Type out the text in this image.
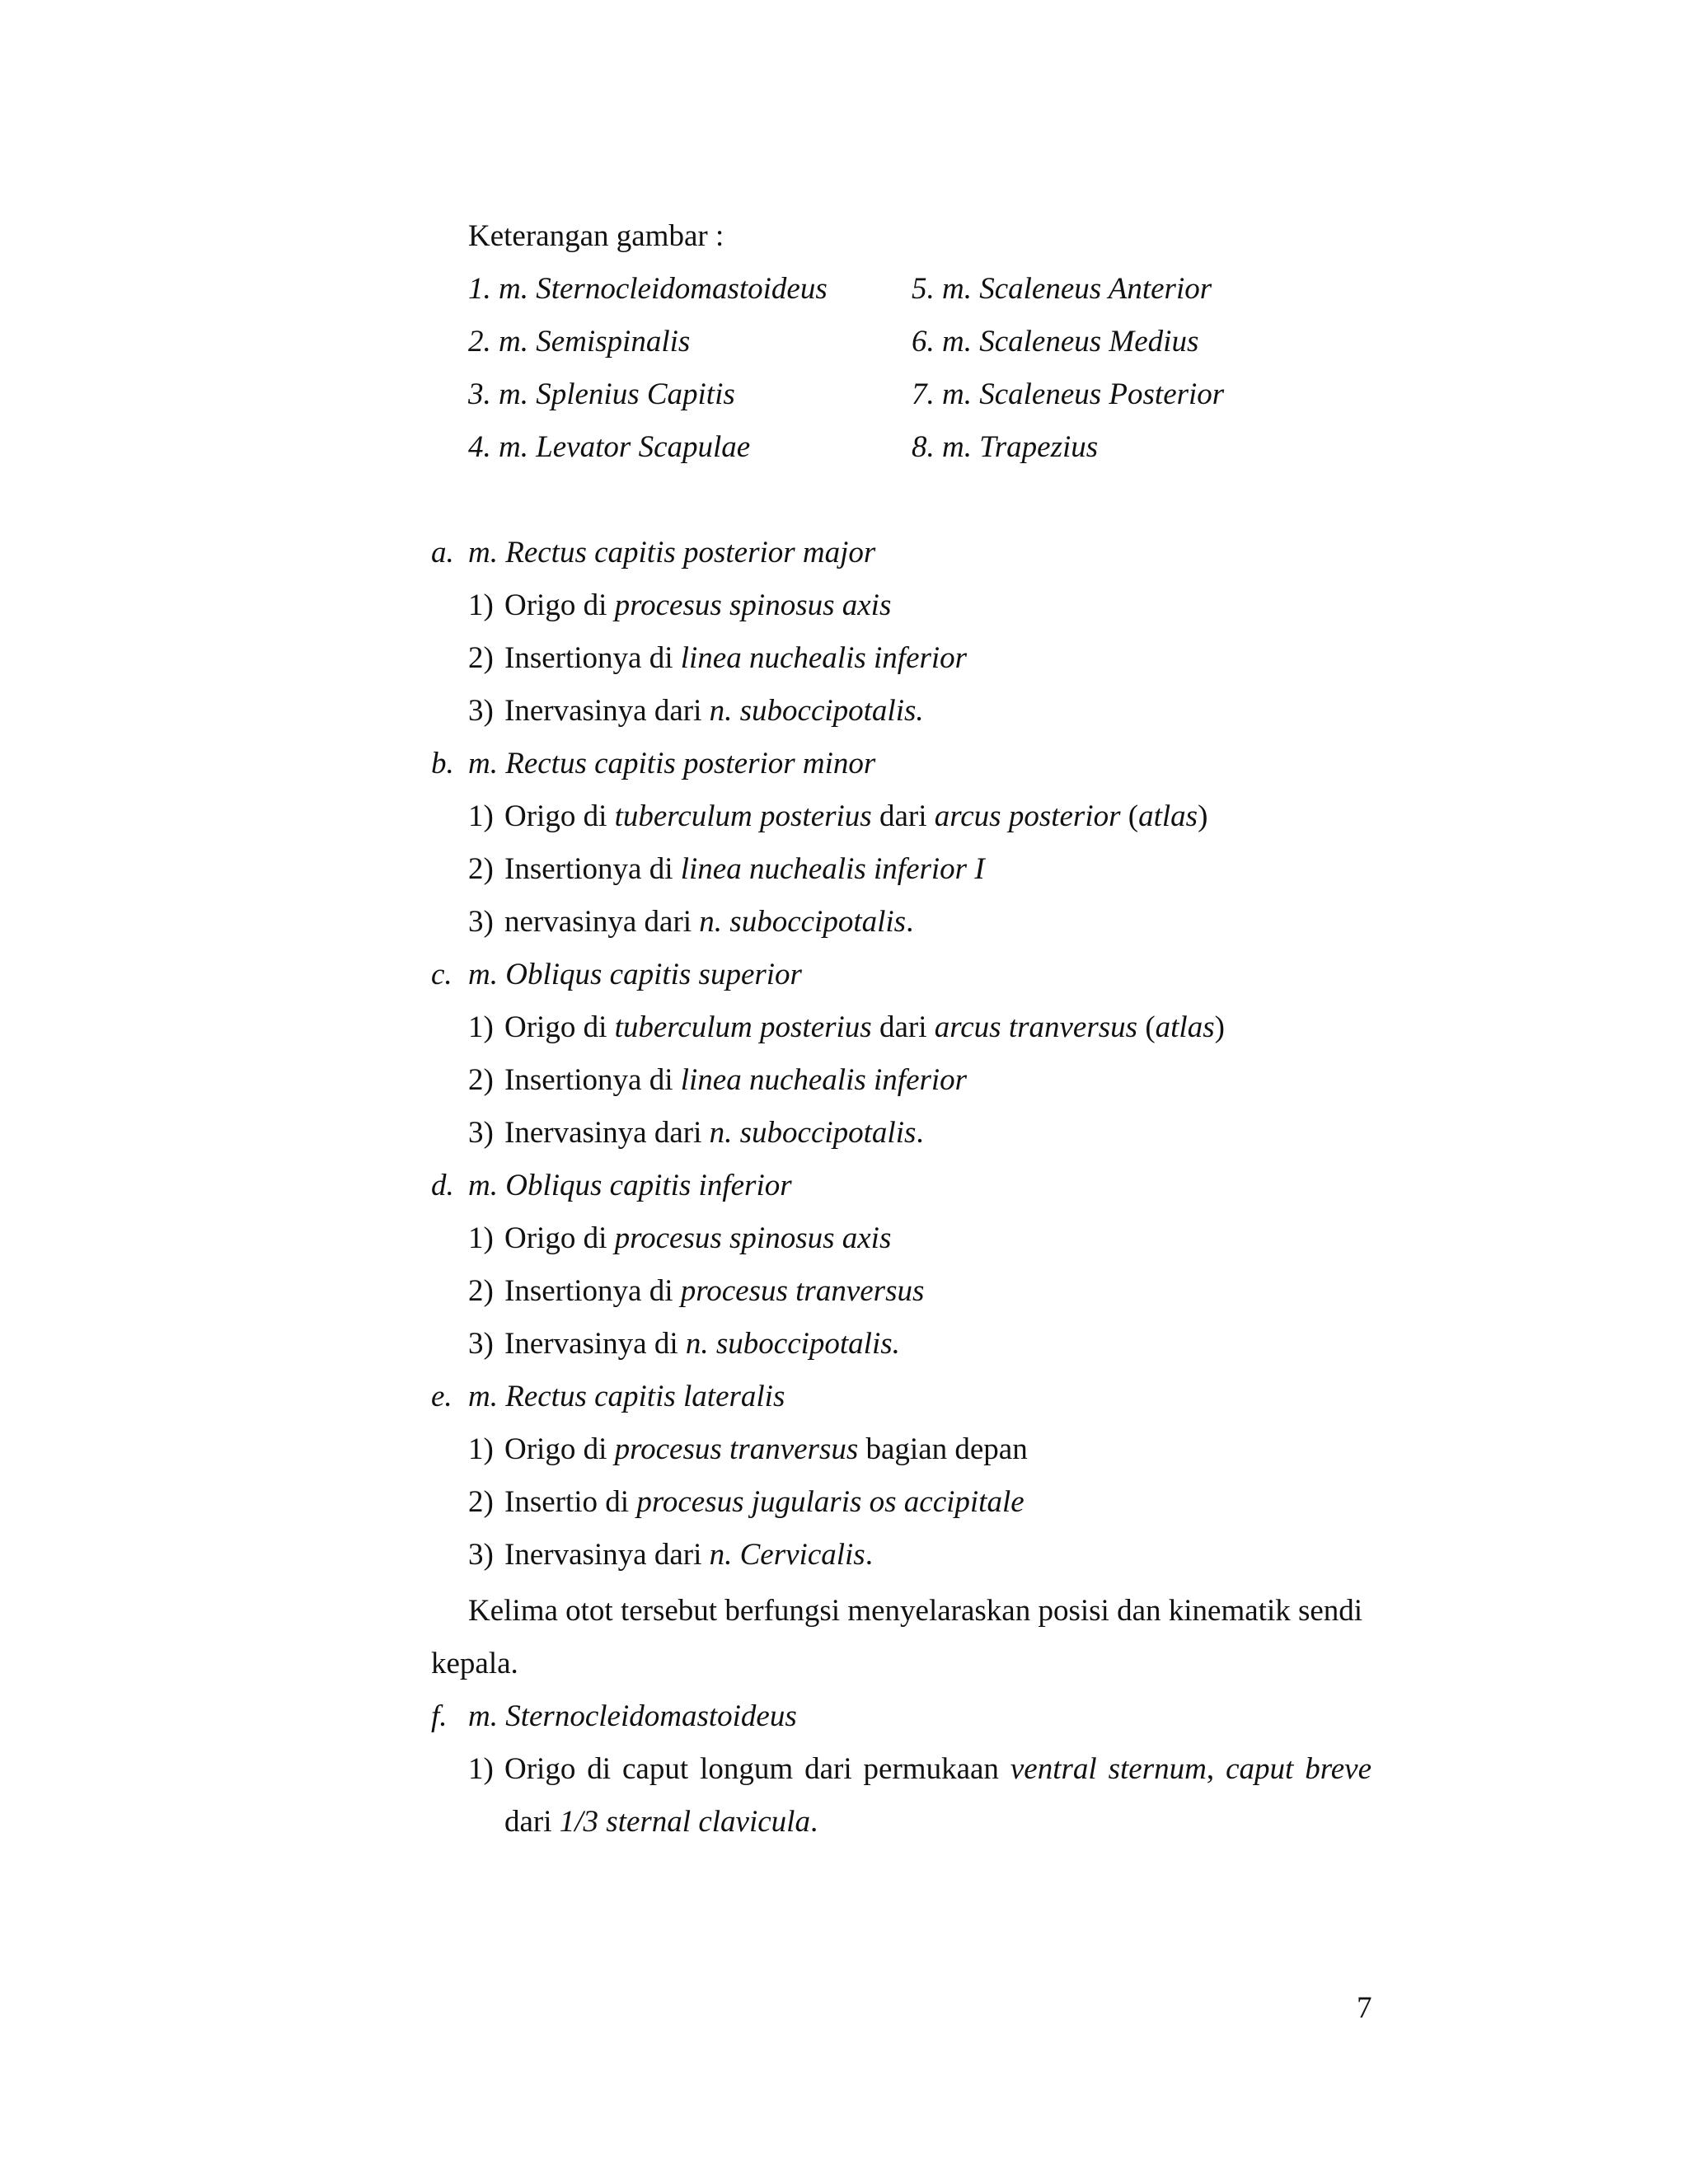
Keterangan gambar :
1. m. Sternocleidomastoideus
2. m. Semispinalis
3. m. Splenius Capitis
4. m. Levator Scapulae
5. m. Scaleneus Anterior
6. m. Scaleneus Medius
7. m. Scaleneus Posterior
8. m. Trapezius
a. m. Rectus capitis posterior major
1) Origo di procesus spinosus axis
2) Insertionya di linea nuchealis inferior
3) Inervasinya dari n. suboccipotalis.
b. m. Rectus capitis posterior minor
1) Origo di tuberculum posterius dari arcus posterior (atlas)
2) Insertionya di linea nuchealis inferior I
3) nervasinya dari n. suboccipotalis.
c. m. Obliqus capitis superior
1) Origo di tuberculum posterius dari arcus tranversus (atlas)
2) Insertionya di linea nuchealis inferior
3) Inervasinya dari n. suboccipotalis.
d. m. Obliqus capitis inferior
1) Origo di procesus spinosus axis
2) Insertionya di procesus tranversus
3) Inervasinya di n. suboccipotalis.
e. m. Rectus capitis lateralis
1) Origo di procesus tranversus bagian depan
2) Insertio di procesus jugularis os accipitale
3) Inervasinya dari n. Cervicalis.
Kelima otot tersebut berfungsi menyelaraskan posisi dan kinematik sendi
kepala.
f. m. Sternocleidomastoideus
1) Origo di caput longum dari permukaan ventral sternum, caput breve
dari 1/3 sternal clavicula.
7
